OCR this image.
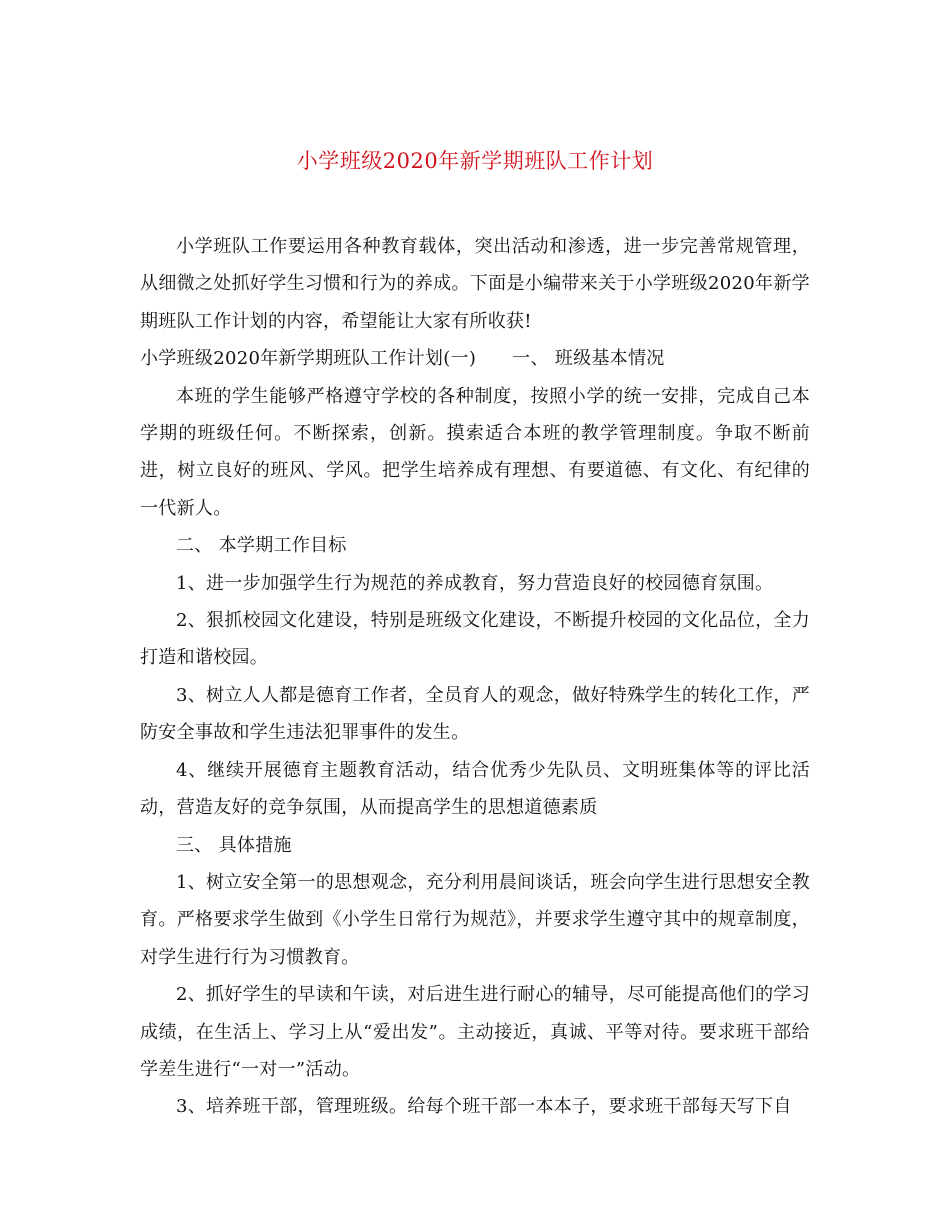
小学班级2020年新学期班队工作计划

小学班队工作要运用各种教育载体，突出活动和渗透，进一步完善常规管理，从细微之处抓好学生习惯和行为的养成。下面是小编带来关于小学班级2020年新学期班队工作计划的内容，希望能让大家有所收获!

小学班级2020年新学期班队工作计划(一) 一、 班级基本情况

本班的学生能够严格遵守学校的各种制度，按照小学的统一安排，完成自己本学期的班级任何。不断探索，创新。摸索适合本班的教学管理制度。争取不断前进，树立良好的班风、学风。把学生培养成有理想、有要道德、有文化、有纪律的一代新人。

二、 本学期工作目标

1、进一步加强学生行为规范的养成教育，努力营造良好的校园德育氛围。

2、狠抓校园文化建设，特别是班级文化建设，不断提升校园的文化品位，全力打造和谐校园。

3、树立人人都是德育工作者，全员育人的观念，做好特殊学生的转化工作，严防安全事故和学生违法犯罪事件的发生。

4、继续开展德育主题教育活动，结合优秀少先队员、文明班集体等的评比活动，营造友好的竞争氛围，从而提高学生的思想道德素质

三、 具体措施

1、树立安全第一的思想观念，充分利用晨间谈话，班会向学生进行思想安全教育。严格要求学生做到《小学生日常行为规范》，并要求学生遵守其中的规章制度，对学生进行行为习惯教育。

2、抓好学生的早读和午读，对后进生进行耐心的辅导，尽可能提高他们的学习成绩，在生活上、学习上从“爱出发”。主动接近，真诚、平等对待。要求班干部给学差生进行“一对一”活动。

3、培养班干部，管理班级。给每个班干部一本本子，要求班干部每天写下自
